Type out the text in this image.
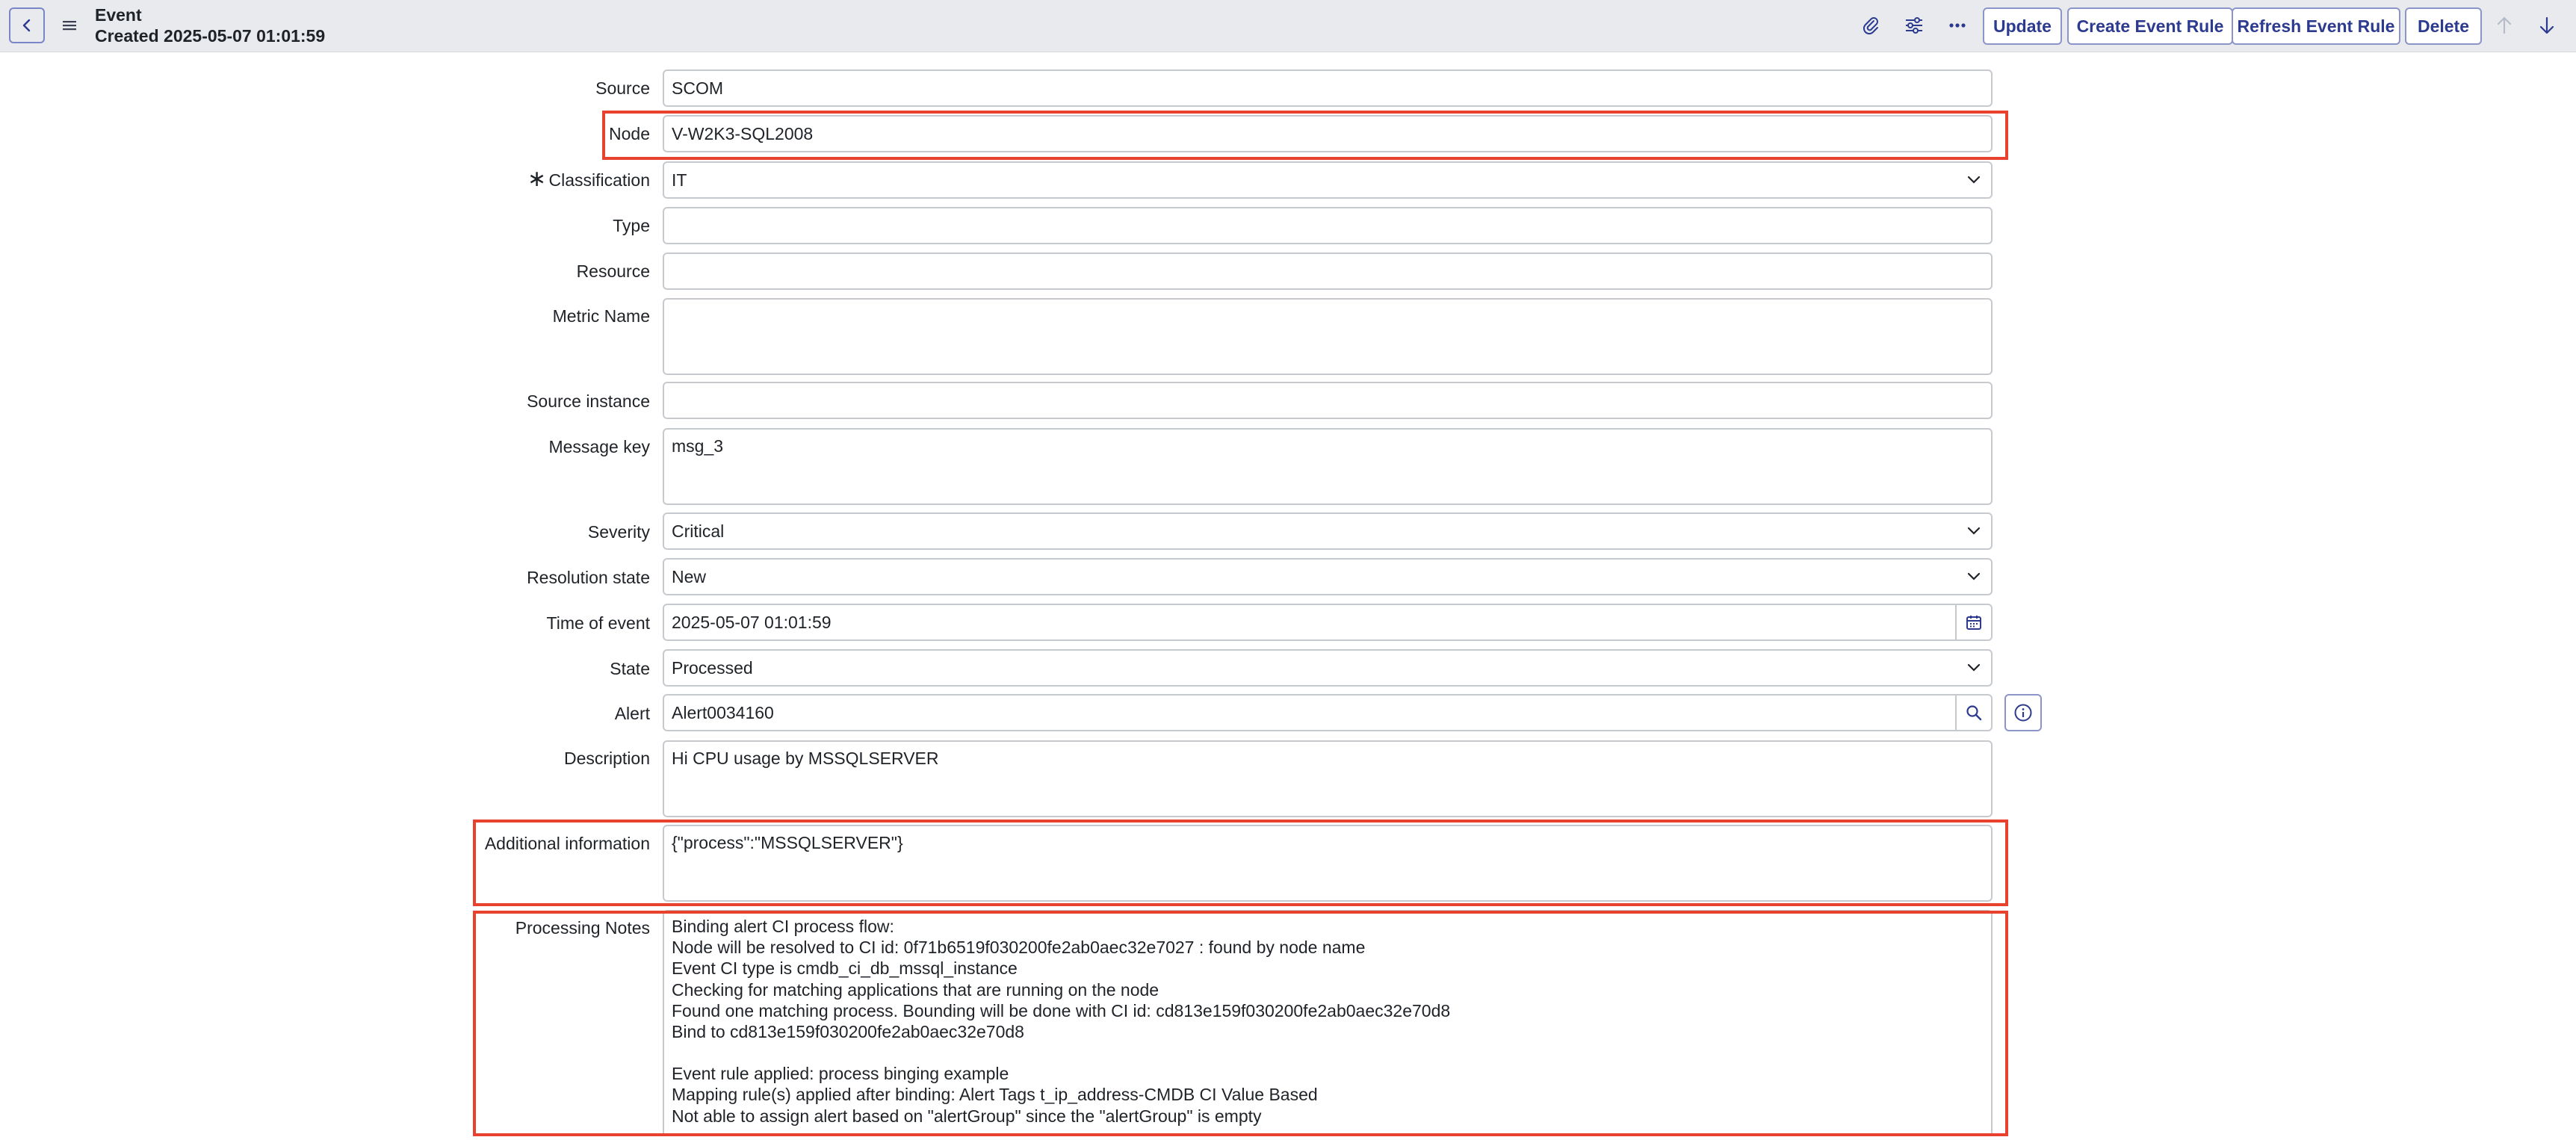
Event
Created 2025-05-07 01:01:59
Update	Create Event Rule Refresh Event Rule	Delete
Source	SCOM
Node	V-W2K3-SQL2008
∗ Classification	IT
Type
Resource
Metric Name
Source instance
Message key	msg_3
Severity	Critical
Resolution state	New
Time of event	2025-05-07 01:01:59
State	Processed
Alert	Alert0034160
Description	Hi CPU usage by MSSQLSERVER
Additional information	{"process":"MSSQLSERVER"}
Processing Notes Binding alert CI process flow:
Node will be resolved to CI id: 0f71b6519f030200fe2ab0aec32e7027 : found by node name
Event CI type is cmdb_ci_db_mssql_instance
Checking for matching applications that are running on the node
Found one matching process. Bounding will be done with CI id: cd813e159f030200fe2ab0aec32e70d8
Bind to cd813e159f030200fe2ab0aec32e70d8
Event rule applied: process binging example
Mapping rule(s) applied after binding: Alert Tags t_ip_address-CMDB CI Value Based
Not able to assign alert based on "alertGroup" since the "alertGroup" is empty
